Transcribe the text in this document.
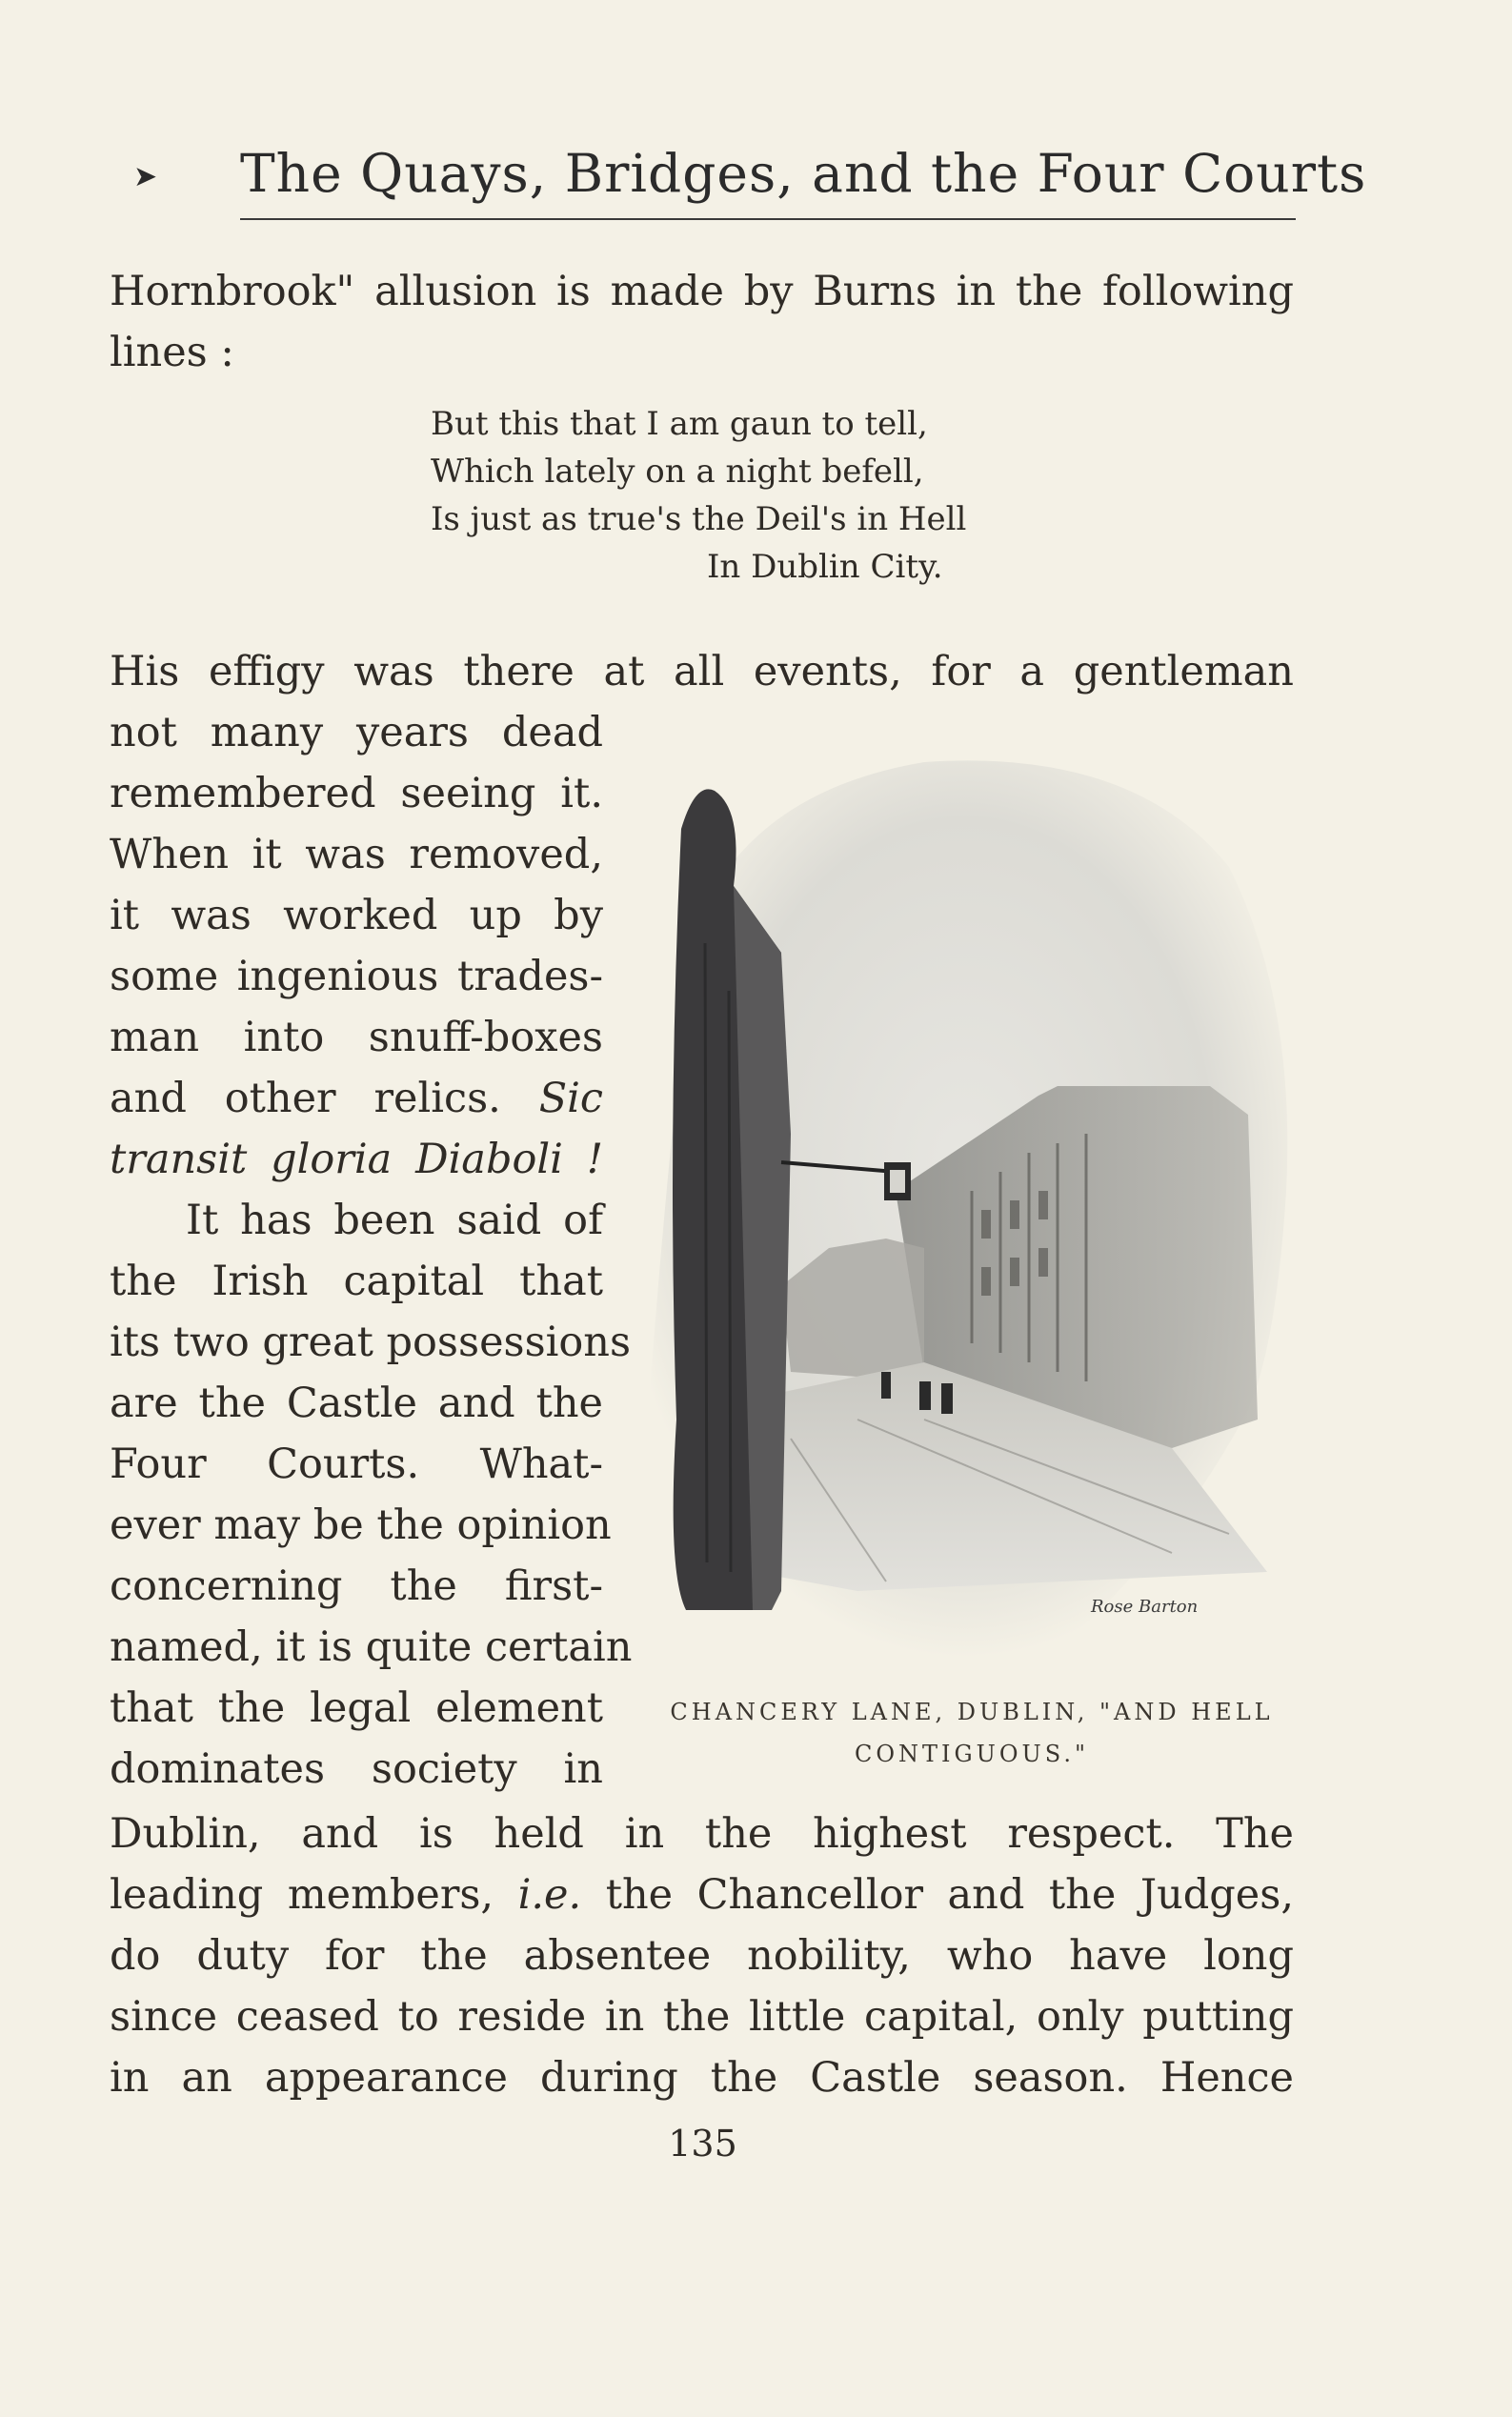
➤ The Quays, Bridges, and the Four Courts
Hornbrook" allusion is made by Burns in the following
lines :
But this that I am gaun to tell,
Which lately on a night befell,
Is just as true's the Deil's in Hell
In Dublin City.
His effigy was there at all events, for a gentleman
not many years dead
remembered seeing it.
When it was removed,
it was worked up by
some ingenious trades-
man into snuff-boxes
and other relics. Sic
transit gloria Diaboli !
It has been said of
the Irish capital that
its two great possessions
are the Castle and the
Four Courts. What-
ever may be the opinion
concerning the first-
named, it is quite certain
that the legal element
dominates society in
Rose Barton
CHANCERY LANE, DUBLIN, "AND HELL
CONTIGUOUS."
Dublin, and is held in the highest respect. The
leading members, i.e. the Chancellor and the Judges,
do duty for the absentee nobility, who have long
since ceased to reside in the little capital, only putting
in an appearance during the Castle season. Hence
135
